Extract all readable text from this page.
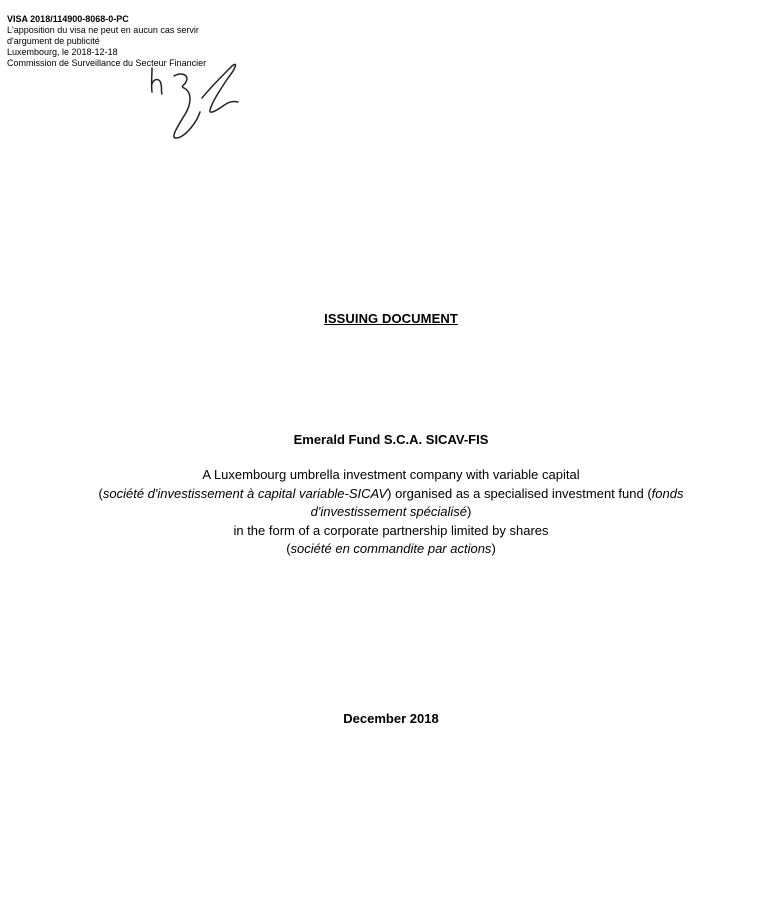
VISA 2018/114900-8068-0-PC
L'apposition du visa ne peut en aucun cas servir
d'argument de publicité
Luxembourg, le 2018-12-18
Commission de Surveillance du Secteur Financier
ISSUING DOCUMENT
Emerald Fund S.C.A. SICAV-FIS
A Luxembourg umbrella investment company with variable capital
(société d'investissement à capital variable-SICAV) organised as a specialised investment fund (fonds d'investissement spécialisé)
in the form of a corporate partnership limited by shares
(société en commandite par actions)
December 2018
